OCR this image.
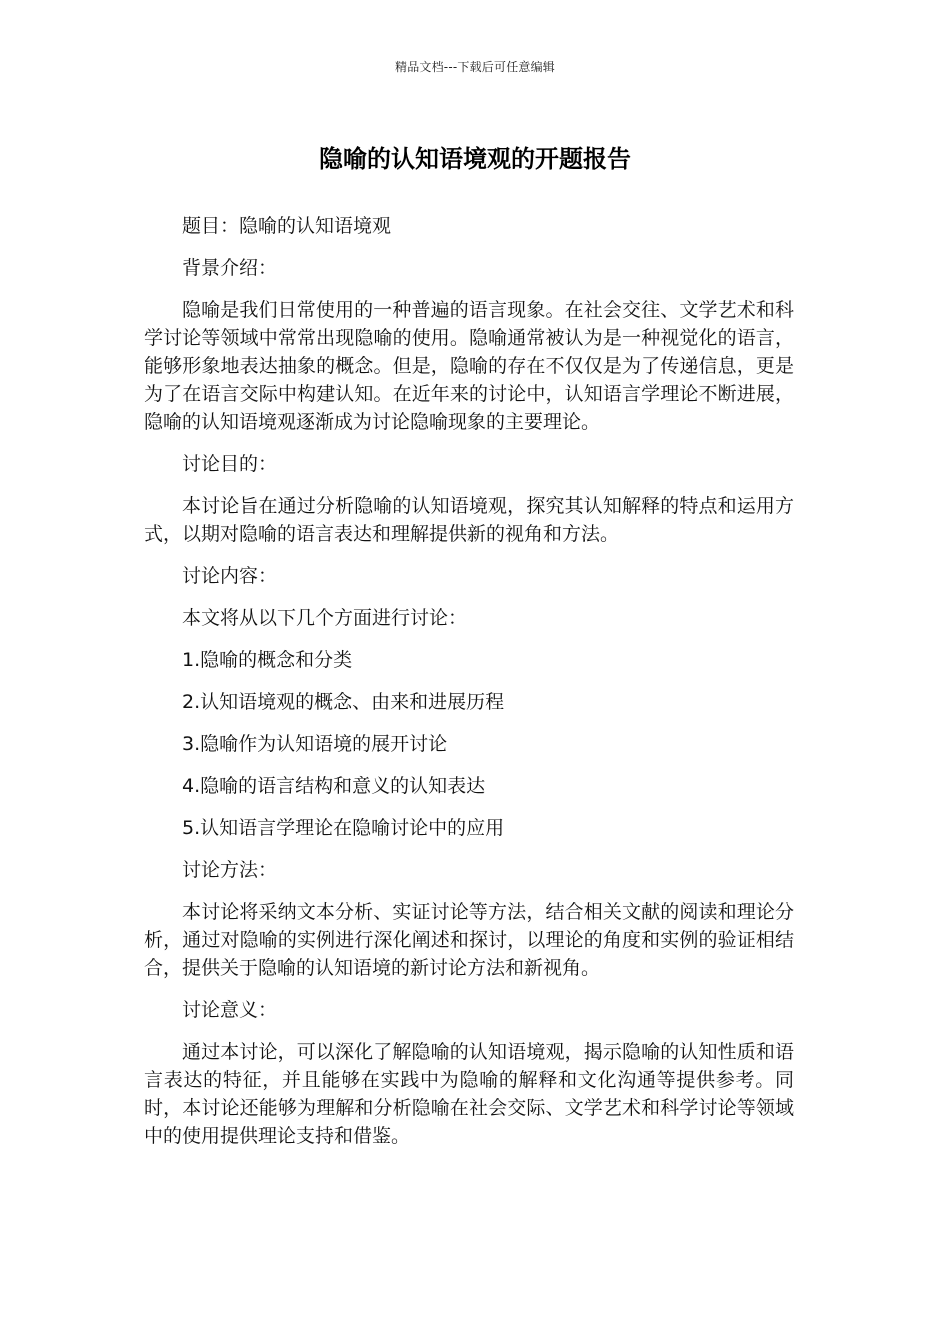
精品文档---下载后可任意编辑
隐喻的认知语境观的开题报告

题目：隐喻的认知语境观

背景介绍：

隐喻是我们日常使用的一种普遍的语言现象。在社会交往、文学艺术和科学讨论等领域中常常出现隐喻的使用。隐喻通常被认为是一种视觉化的语言，能够形象地表达抽象的概念。但是，隐喻的存在不仅仅是为了传递信息，更是为了在语言交际中构建认知。在近年来的讨论中，认知语言学理论不断进展，隐喻的认知语境观逐渐成为讨论隐喻现象的主要理论。

讨论目的：

本讨论旨在通过分析隐喻的认知语境观，探究其认知解释的特点和运用方式，以期对隐喻的语言表达和理解提供新的视角和方法。

讨论内容：

本文将从以下几个方面进行讨论：

1.隐喻的概念和分类

2.认知语境观的概念、由来和进展历程

3.隐喻作为认知语境的展开讨论

4.隐喻的语言结构和意义的认知表达

5.认知语言学理论在隐喻讨论中的应用

讨论方法：

本讨论将采纳文本分析、实证讨论等方法，结合相关文献的阅读和理论分析，通过对隐喻的实例进行深化阐述和探讨，以理论的角度和实例的验证相结合，提供关于隐喻的认知语境的新讨论方法和新视角。

讨论意义：

通过本讨论，可以深化了解隐喻的认知语境观，揭示隐喻的认知性质和语言表达的特征，并且能够在实践中为隐喻的解释和文化沟通等提供参考。同时，本讨论还能够为理解和分析隐喻在社会交际、文学艺术和科学讨论等领域中的使用提供理论支持和借鉴。
